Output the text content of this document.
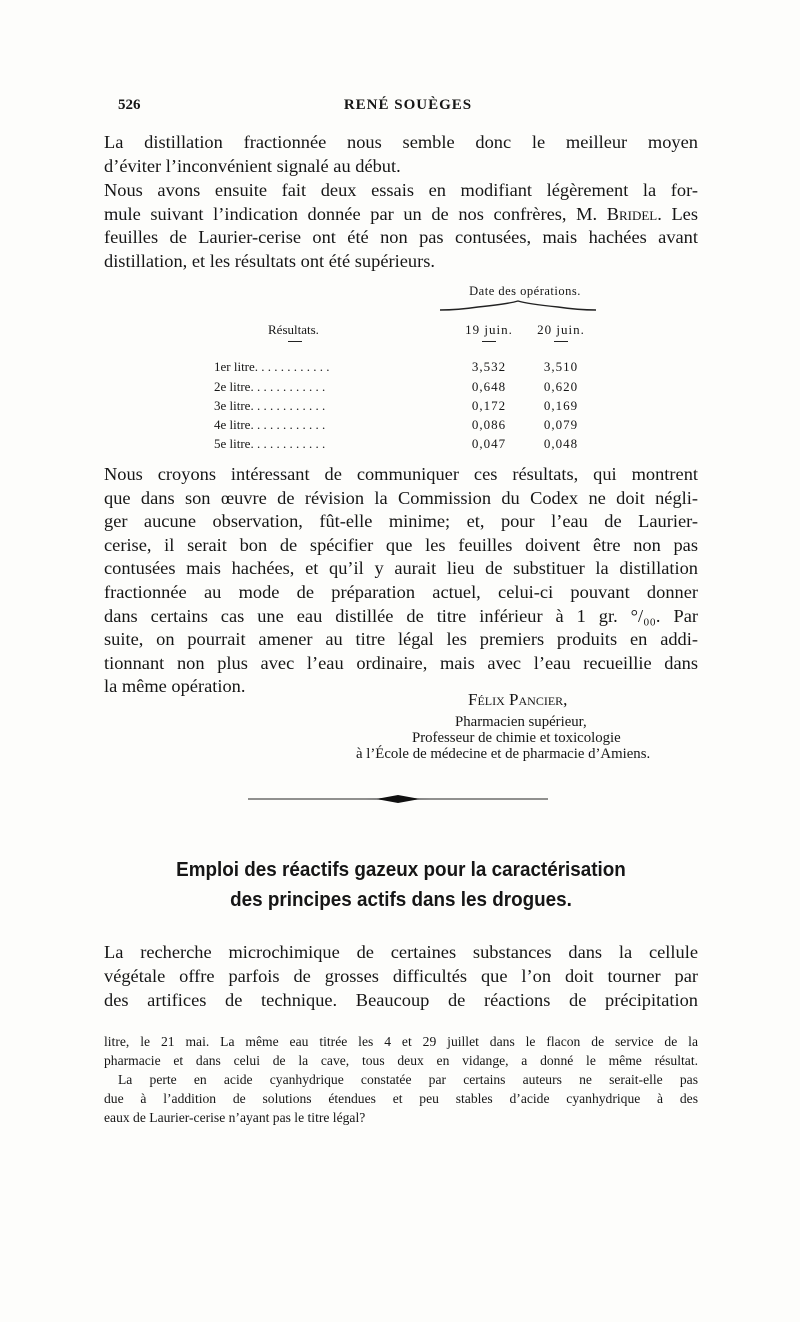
526	RENÉ SOUÈGES

La distillation fractionnée nous semble donc le meilleur moyen
d’éviter l’inconvénient signalé au début.

Nous avons ensuite fait deux essais en modifiant légèrement la for-
mule suivant l’indication donnée par un de nos confrères, M. Bridel. Les
feuilles de Laurier-cerise ont été non pas contusées, mais hachées avant
distillation, et les résultats ont été supérieurs.

Date des opérations.
Résultats.	19 juin.	20 juin.
1er litre. . . . . . . . . . . .	3,532	3,510
2e litre. . . . . . . . . . . .	0,648	0,620
3e litre. . . . . . . . . . . .	0,172	0,169
4e litre. . . . . . . . . . . .	0,086	0,079
5e litre. . . . . . . . . . . .	0,047	0,048

Nous croyons intéressant de communiquer ces résultats, qui montrent
que dans son œuvre de révision la Commission du Codex ne doit négli-
ger aucune observation, fût-elle minime; et, pour l’eau de Laurier-
cerise, il serait bon de spécifier que les feuilles doivent être non pas
contusées mais hachées, et qu’il y aurait lieu de substituer la distillation
fractionnée au mode de préparation actuel, celui-ci pouvant donner
dans certains cas une eau distillée de titre inférieur à 1 gr. °/₀₀. Par
suite, on pourrait amener au titre légal les premiers produits en addi-
tionnant non plus avec l’eau ordinaire, mais avec l’eau recueillie dans
la même opération.

Félix Pancier,
Pharmacien supérieur,
Professeur de chimie et toxicologie
à l’École de médecine et de pharmacie d’Amiens.
Emploi des réactifs gazeux pour la caractérisation
des principes actifs dans les drogues.

La recherche microchimique de certaines substances dans la cellule
végétale offre parfois de grosses difficultés que l’on doit tourner par
des artifices de technique. Beaucoup de réactions de précipitation

litre, le 21 mai. La même eau titrée les 4 et 29 juillet dans le flacon de service de la
pharmacie et dans celui de la cave, tous deux en vidange, a donné le même résultat.
La perte en acide cyanhydrique constatée par certains auteurs ne serait-elle pas
due à l’addition de solutions étendues et peu stables d’acide cyanhydrique à des
eaux de Laurier-cerise n’ayant pas le titre légal?
